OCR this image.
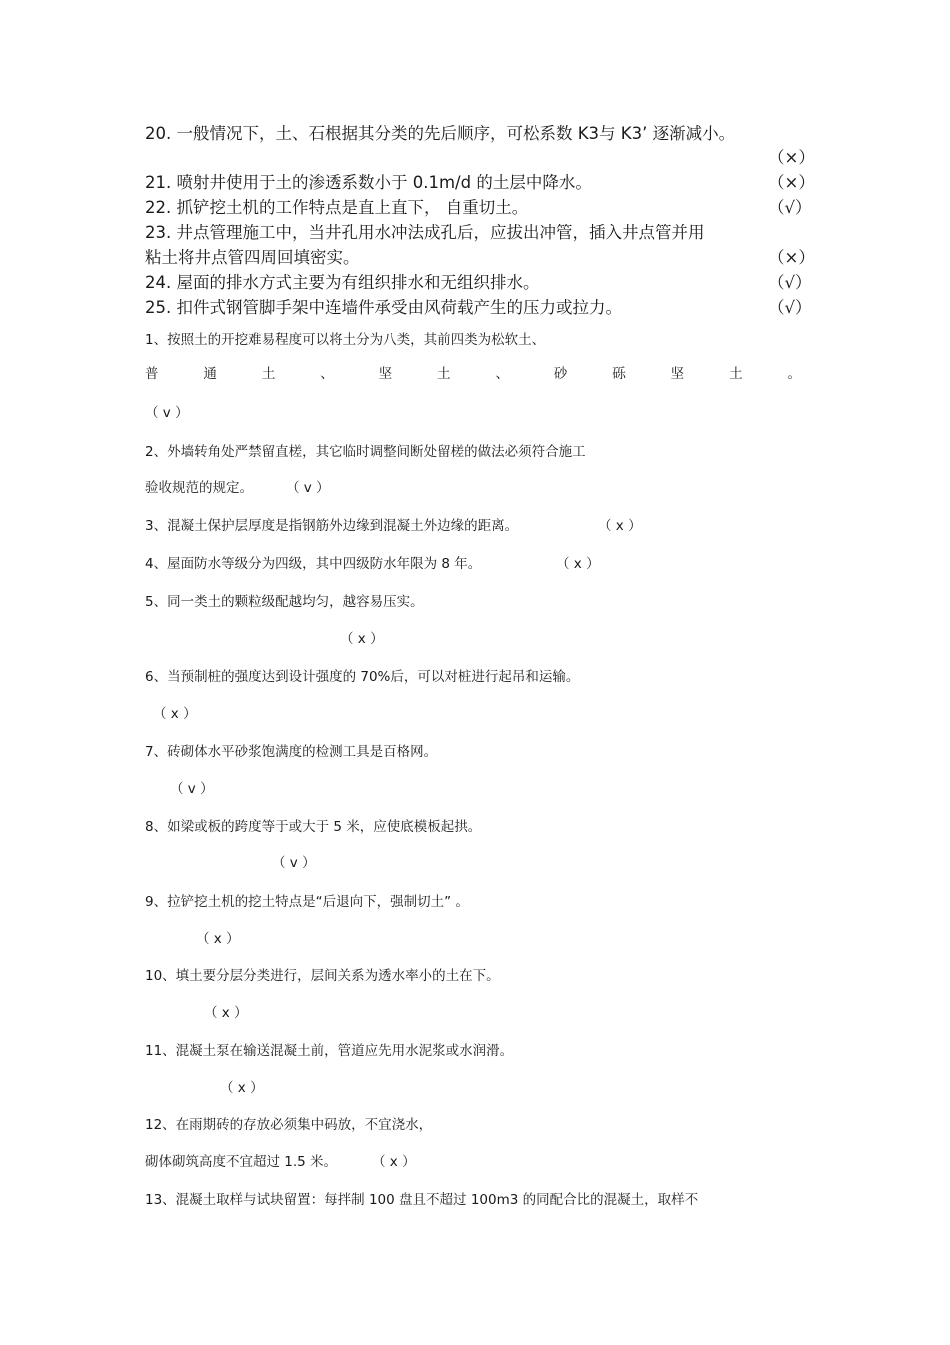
20. 一般情况下，土、石根据其分类的先后顺序，可松系数 K3与 K3’ 逐渐减小。
（×）
21. 喷射井使用于土的渗透系数小于 0.1m/d 的土层中降水。	（×）
22. 抓铲挖土机的工作特点是直上直下， 自重切土。	（√）
23. 井点管理施工中，当井孔用水冲法成孔后，应拔出冲管，插入井点管并用
粘土将井点管四周回填密实。	（×）
24. 屋面的排水方式主要为有组织排水和无组织排水。	（√）
25. 扣件式钢管脚手架中连墙件承受由风荷载产生的压力或拉力。	（√）
1、按照土的开挖难易程度可以将土分为八类，其前四类为松软土、
普	通	土	、	坚	土	、	砂	砾	坚	土	。
（ v ）
2、外墙转角处严禁留直槎，其它临时调整间断处留槎的做法必须符合施工
验收规范的规定。 （ v ）
3、混凝土保护层厚度是指钢筋外边缘到混凝土外边缘的距离。	（ x ）
4、屋面防水等级分为四级，其中四级防水年限为 8 年。	（ x ）
5、同一类土的颗粒级配越均匀，越容易压实。
（ x ）
6、当预制桩的强度达到设计强度的 70%后，可以对桩进行起吊和运输。
（ x ）
7、砖砌体水平砂浆饱满度的检测工具是百格网。
（ v ）
8、如梁或板的跨度等于或大于 5 米，应使底模板起拱。
（ v ）
9、拉铲挖土机的挖土特点是“后退向下，强制切土” 。
（ x ）
10、填土要分层分类进行，层间关系为透水率小的土在下。
（ x ）
11、混凝土泵在输送混凝土前，管道应先用水泥浆或水润滑。
（ x ）
12、在雨期砖的存放必须集中码放，不宜浇水，
砌体砌筑高度不宜超过 1.5 米。	（ x ）
13、混凝土取样与试块留置：每拌制 100 盘且不超过 100m3 的同配合比的混凝土，取样不
